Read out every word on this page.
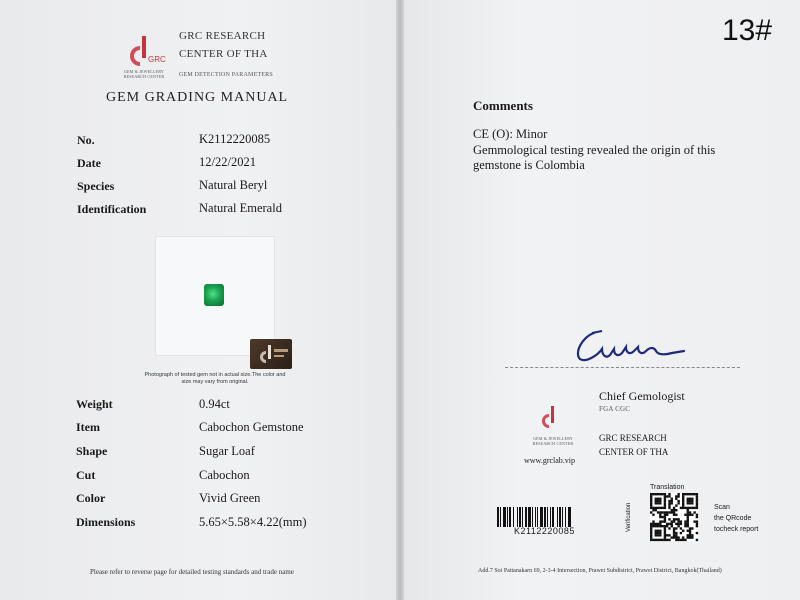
GRC
GEM & JEWELLERY RESEARCH CENTER
GRC RESEARCH
CENTER OF THA
GEM DETECTION PARAMETERS
GEM GRADING MANUAL
No.	K2112220085
Date	12/22/2021
Species	Natural Beryl
Identification	Natural Emerald
Photograph of tested gem not in actual size.The color and
size may vary from original.
Weight	0.94ct
Item	Cabochon Gemstone
Shape	Sugar Loaf
Cut	Cabochon
Color	Vivid Green
Dimensions	5.65×5.58×4.22(mm)
Please refer to reverse page for detailed testing standards and trade name
13#
Comments
CE (O): Minor
Gemmological testing revealed the origin of this
gemstone is Colombia
Chief Gemologist
FGA CGC
GEM & JEWELLERY RESEARCH CENTER
www.grclab.vip
GRC RESEARCH
CENTER OF THA
K2112220085
Translation
Verification	Scan
the QRcode
tocheck report
Add.7 Soi Pattanakarn 69, 2-3-4 Intersection, Prawet Subdistrict, Prawet District, Bangkok(Thailand)
